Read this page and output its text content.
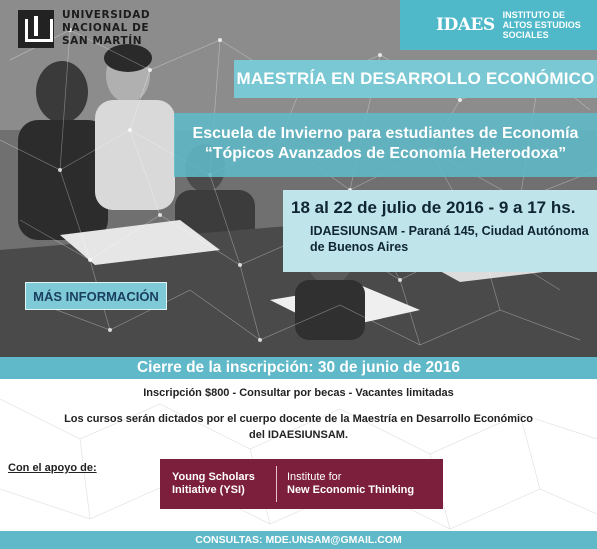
UNIVERSIDAD
NACIONAL DE
SAN MARTÍN
IDAES INSTITUTO DE
ALTOS ESTUDIOS
SOCIALES
MAESTRÍA EN DESARROLLO ECONÓMICO
Escuela de Invierno para estudiantes de Economía
“Tópicos Avanzados de Economía Heterodoxa”
18 al 22 de julio de 2016 - 9 a 17 hs.
IDAESIUNSAM - Paraná 145, Ciudad Autónoma
de Buenos Aires
MÁS INFORMACIÓN
Cierre de la inscripción: 30 de junio de 2016
Inscripción $800 - Consultar por becas - Vacantes limitadas
Los cursos serán dictados por el cuerpo docente de la Maestría en Desarrollo Económico
del IDAESIUNSAM.
Con el apoyo de:
Young Scholars
Initiative (YSI)
Institute for
New Economic Thinking
CONSULTAS: MDE.UNSAM@GMAIL.COM
